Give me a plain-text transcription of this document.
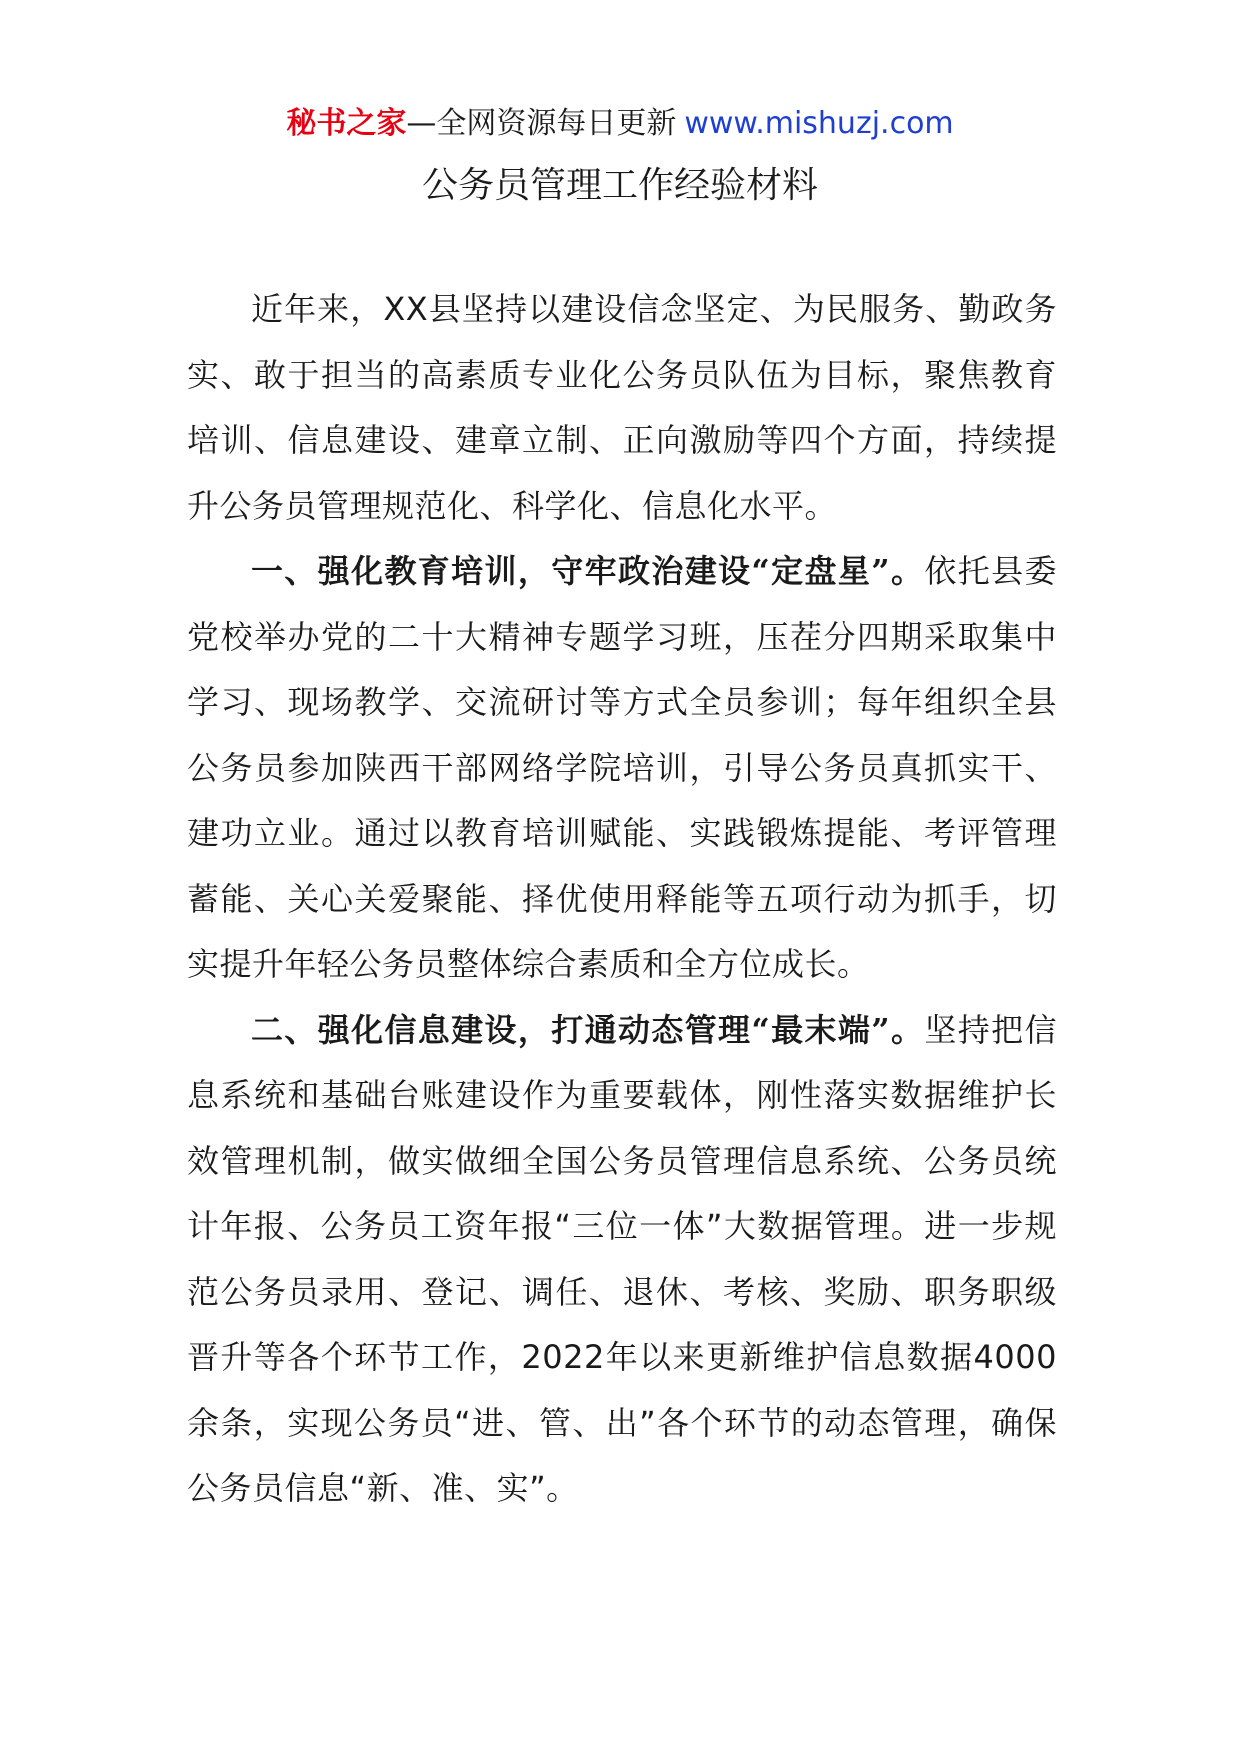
秘书之家—全网资源每日更新 www.mishuzj.com
公务员管理工作经验材料

近年来，XX县坚持以建设信念坚定、为民服务、勤政务实、敢于担当的高素质专业化公务员队伍为目标，聚焦教育培训、信息建设、建章立制、正向激励等四个方面，持续提升公务员管理规范化、科学化、信息化水平。

一、强化教育培训，守牢政治建设“定盘星”。依托县委党校举办党的二十大精神专题学习班，压茬分四期采取集中学习、现场教学、交流研讨等方式全员参训；每年组织全县公务员参加陕西干部网络学院培训，引导公务员真抓实干、建功立业。通过以教育培训赋能、实践锻炼提能、考评管理蓄能、关心关爱聚能、择优使用释能等五项行动为抓手，切实提升年轻公务员整体综合素质和全方位成长。

二、强化信息建设，打通动态管理“最末端”。坚持把信息系统和基础台账建设作为重要载体，刚性落实数据维护长效管理机制，做实做细全国公务员管理信息系统、公务员统计年报、公务员工资年报“三位一体”大数据管理。进一步规范公务员录用、登记、调任、退休、考核、奖励、职务职级晋升等各个环节工作，2022年以来更新维护信息数据4000余条，实现公务员“进、管、出”各个环节的动态管理，确保公务员信息“新、准、实”。
